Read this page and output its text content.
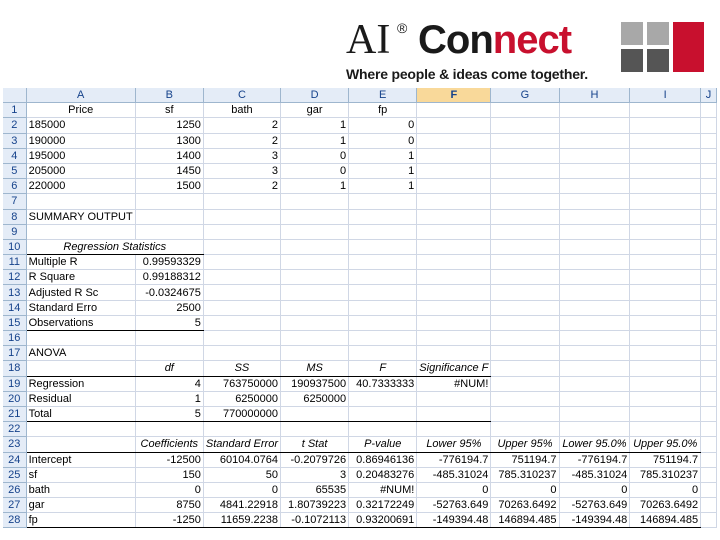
AI ® Connect
Where people & ideas come together.
	A	B	C	D	E	F	G	H	I	J
1	Price	sf	bath	gar	fp					
2	185000	1250	2	1	0					
3	190000	1300	2	1	0					
4	195000	1400	3	0	1					
5	205000	1450	3	0	1					
6	220000	1500	2	1	1					
7										
8	SUMMARY OUTPUT									
9										
10	Regression Statistics									
11	Multiple R	0.99593329								
12	R Square	0.99188312								
13	Adjusted R Sc	-0.0324675								
14	Standard Erro	2500								
15	Observations	5								
16										
17	ANOVA									
18		df	SS	MS	F	Significance F				
19	Regression	4	763750000	190937500	40.7333333	#NUM!				
20	Residual	1	6250000	6250000						
21	Total	5	770000000							
22										
23		Coefficients	Standard Error	t Stat	P-value	Lower 95%	Upper 95%	Lower 95.0%	Upper 95.0%	
24	Intercept	-12500	60104.0764	-0.2079726	0.86946136	-776194.7	751194.7	-776194.7	751194.7	
25	sf	150	50	3	0.20483276	-485.31024	785.310237	-485.31024	785.310237	
26	bath	0	0	65535	#NUM!	0	0	0	0	
27	gar	8750	4841.22918	1.80739223	0.32172249	-52763.649	70263.6492	-52763.649	70263.6492	
28	fp	-1250	11659.2238	-0.1072113	0.93200691	-149394.48	146894.485	-149394.48	146894.485	
